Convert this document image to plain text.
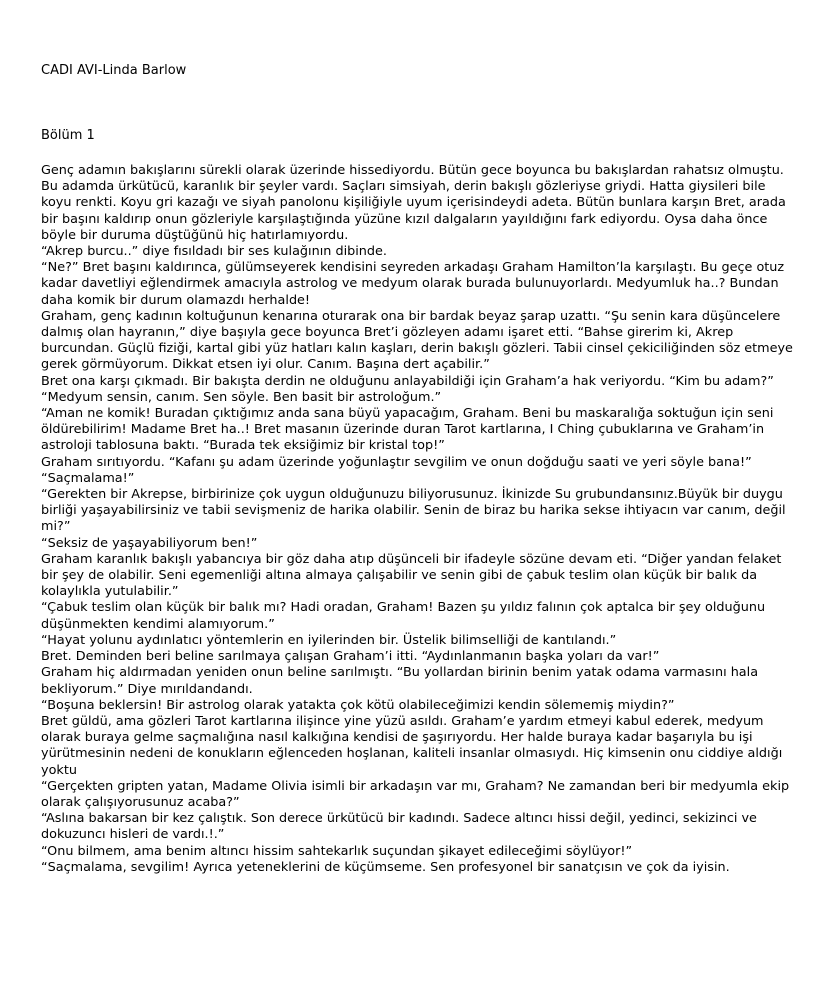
CADI AVI-Linda Barlow
Bölüm 1

Genç adamın bakışlarını sürekli olarak üzerinde hissediyordu. Bütün gece boyunca bu bakışlardan rahatsız olmuştu.

Bu adamda ürkütücü, karanlık bir şeyler vardı. Saçları simsiyah, derin bakışlı gözleriyse griydi. Hatta giysileri bile koyu renkti. Koyu gri kazağı ve siyah panolonu kişiliğiyle uyum içerisindeydi adeta. Bütün bunlara karşın Bret, arada bir başını kaldırıp onun gözleriyle karşılaştığında yüzüne kızıl dalgaların yayıldığını fark ediyordu. Oysa daha önce böyle bir duruma düştüğünü hiç hatırlamıyordu.

“Akrep burcu..” diye fısıldadı bir ses kulağının dibinde.

“Ne?” Bret başını kaldırınca, gülümseyerek kendisini seyreden arkadaşı Graham Hamilton’la karşılaştı. Bu geçe otuz kadar davetliyi eğlendirmek amacıyla astrolog ve medyum olarak burada bulunuyorlardı. Medyumluk ha..? Bundan daha komik bir durum olamazdı herhalde!

Graham, genç kadının koltuğunun kenarına oturarak ona bir bardak beyaz şarap uzattı. “Şu senin kara düşüncelere dalmış olan hayranın,” diye başıyla gece boyunca Bret’i gözleyen adamı işaret etti. “Bahse girerim ki, Akrep burcundan. Güçlü fiziği, kartal gibi yüz hatları kalın kaşları, derin bakışlı gözleri. Tabii cinsel çekiciliğinden söz etmeye gerek görmüyorum. Dikkat etsen iyi olur. Canım. Başına dert açabilir.”

Bret ona karşı çıkmadı. Bir bakışta derdin ne olduğunu anlayabildiği için Graham’a hak veriyordu. “Kim bu adam?”

“Medyum sensin, canım. Sen söyle. Ben basit bir astroloğum.”

“Aman ne komik! Buradan çıktığımız anda sana büyü yapacağım, Graham. Beni bu maskaralığa soktuğun için seni öldürebilirim! Madame Bret ha..! Bret masanın üzerinde duran Tarot kartlarına, I Ching çubuklarına ve Graham’in astroloji tablosuna baktı. “Burada tek eksiğimiz bir kristal top!”

Graham sırıtıyordu. “Kafanı şu adam üzerinde yoğunlaştır sevgilim ve onun doğduğu saati ve yeri söyle bana!”

“Saçmalama!”

“Gerekten bir Akrepse, birbirinize çok uygun olduğunuzu biliyorusunuz. İkinizde Su grubundansınız.Büyük bir duygu birliği yaşayabilirsiniz ve tabii sevişmeniz de harika olabilir. Senin de biraz bu harika sekse ihtiyacın var canım, değil mi?”

“Seksiz de yaşayabiliyorum ben!”

Graham karanlık bakışlı yabancıya bir göz daha atıp düşünceli bir ifadeyle sözüne devam eti. “Diğer yandan felaket bir şey de olabilir. Seni egemenliği altına almaya çalışabilir ve senin gibi de çabuk teslim olan küçük bir balık da kolaylıkla yutulabilir.”

“Çabuk teslim olan küçük bir balık mı? Hadi oradan, Graham! Bazen şu yıldız falının çok aptalca bir şey olduğunu düşünmekten kendimi alamıyorum.”

“Hayat yolunu aydınlatıcı yöntemlerin en iyilerinden bir. Üstelik bilimselliği de kantılandı.”

Bret. Deminden beri beline sarılmaya çalışan Graham’i itti. “Aydınlanmanın başka yoları da var!”

Graham hiç aldırmadan yeniden onun beline sarılmıştı. “Bu yollardan birinin benim yatak odama varmasını hala bekliyorum.” Diye mırıldandandı.

“Boşuna beklersin! Bir astrolog olarak yatakta çok kötü olabileceğimizi kendin sölememiş miydin?”

Bret güldü, ama gözleri Tarot kartlarına ilişince yine yüzü asıldı. Graham’e yardım etmeyi kabul ederek, medyum olarak buraya gelme saçmalığına nasıl kalkığına kendisi de şaşırıyordu. Her halde buraya kadar başarıyla bu işi yürütmesinin nedeni de konukların eğlenceden hoşlanan, kaliteli insanlar olmasıydı. Hiç kimsenin onu ciddiye aldığı yoktu

“Gerçekten gripten yatan, Madame Olivia isimli bir arkadaşın var mı, Graham? Ne zamandan beri bir medyumla ekip olarak çalışıyorusunuz acaba?”

“Aslına bakarsan bir kez çalıştık. Son derece ürkütücü bir kadındı. Sadece altıncı hissi değil, yedinci, sekizinci ve dokuzuncı hisleri de vardı.!.”

“Onu bilmem, ama benim altıncı hissim sahtekarlık suçundan şikayet edileceğimi söylüyor!”

“Saçmalama, sevgilim! Ayrıca yeteneklerini de küçümseme. Sen profesyonel bir sanatçısın ve çok da iyisin.
